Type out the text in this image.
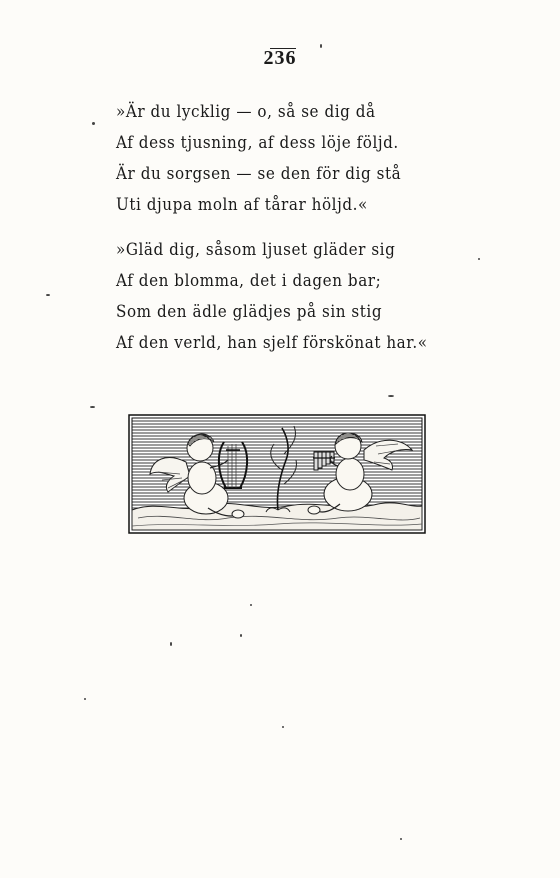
236
»Är du lycklig — o, så se dig då
Af dess tjusning, af dess löje följd.
Är du sorgsen — se den för dig stå
Uti djupa moln af tårar höljd.«
»Gläd dig, såsom ljuset gläder sig
Af den blomma, det i dagen bar;
Som den ädle glädjes på sin stig
Af den verld, han sjelf förskönat har.«
